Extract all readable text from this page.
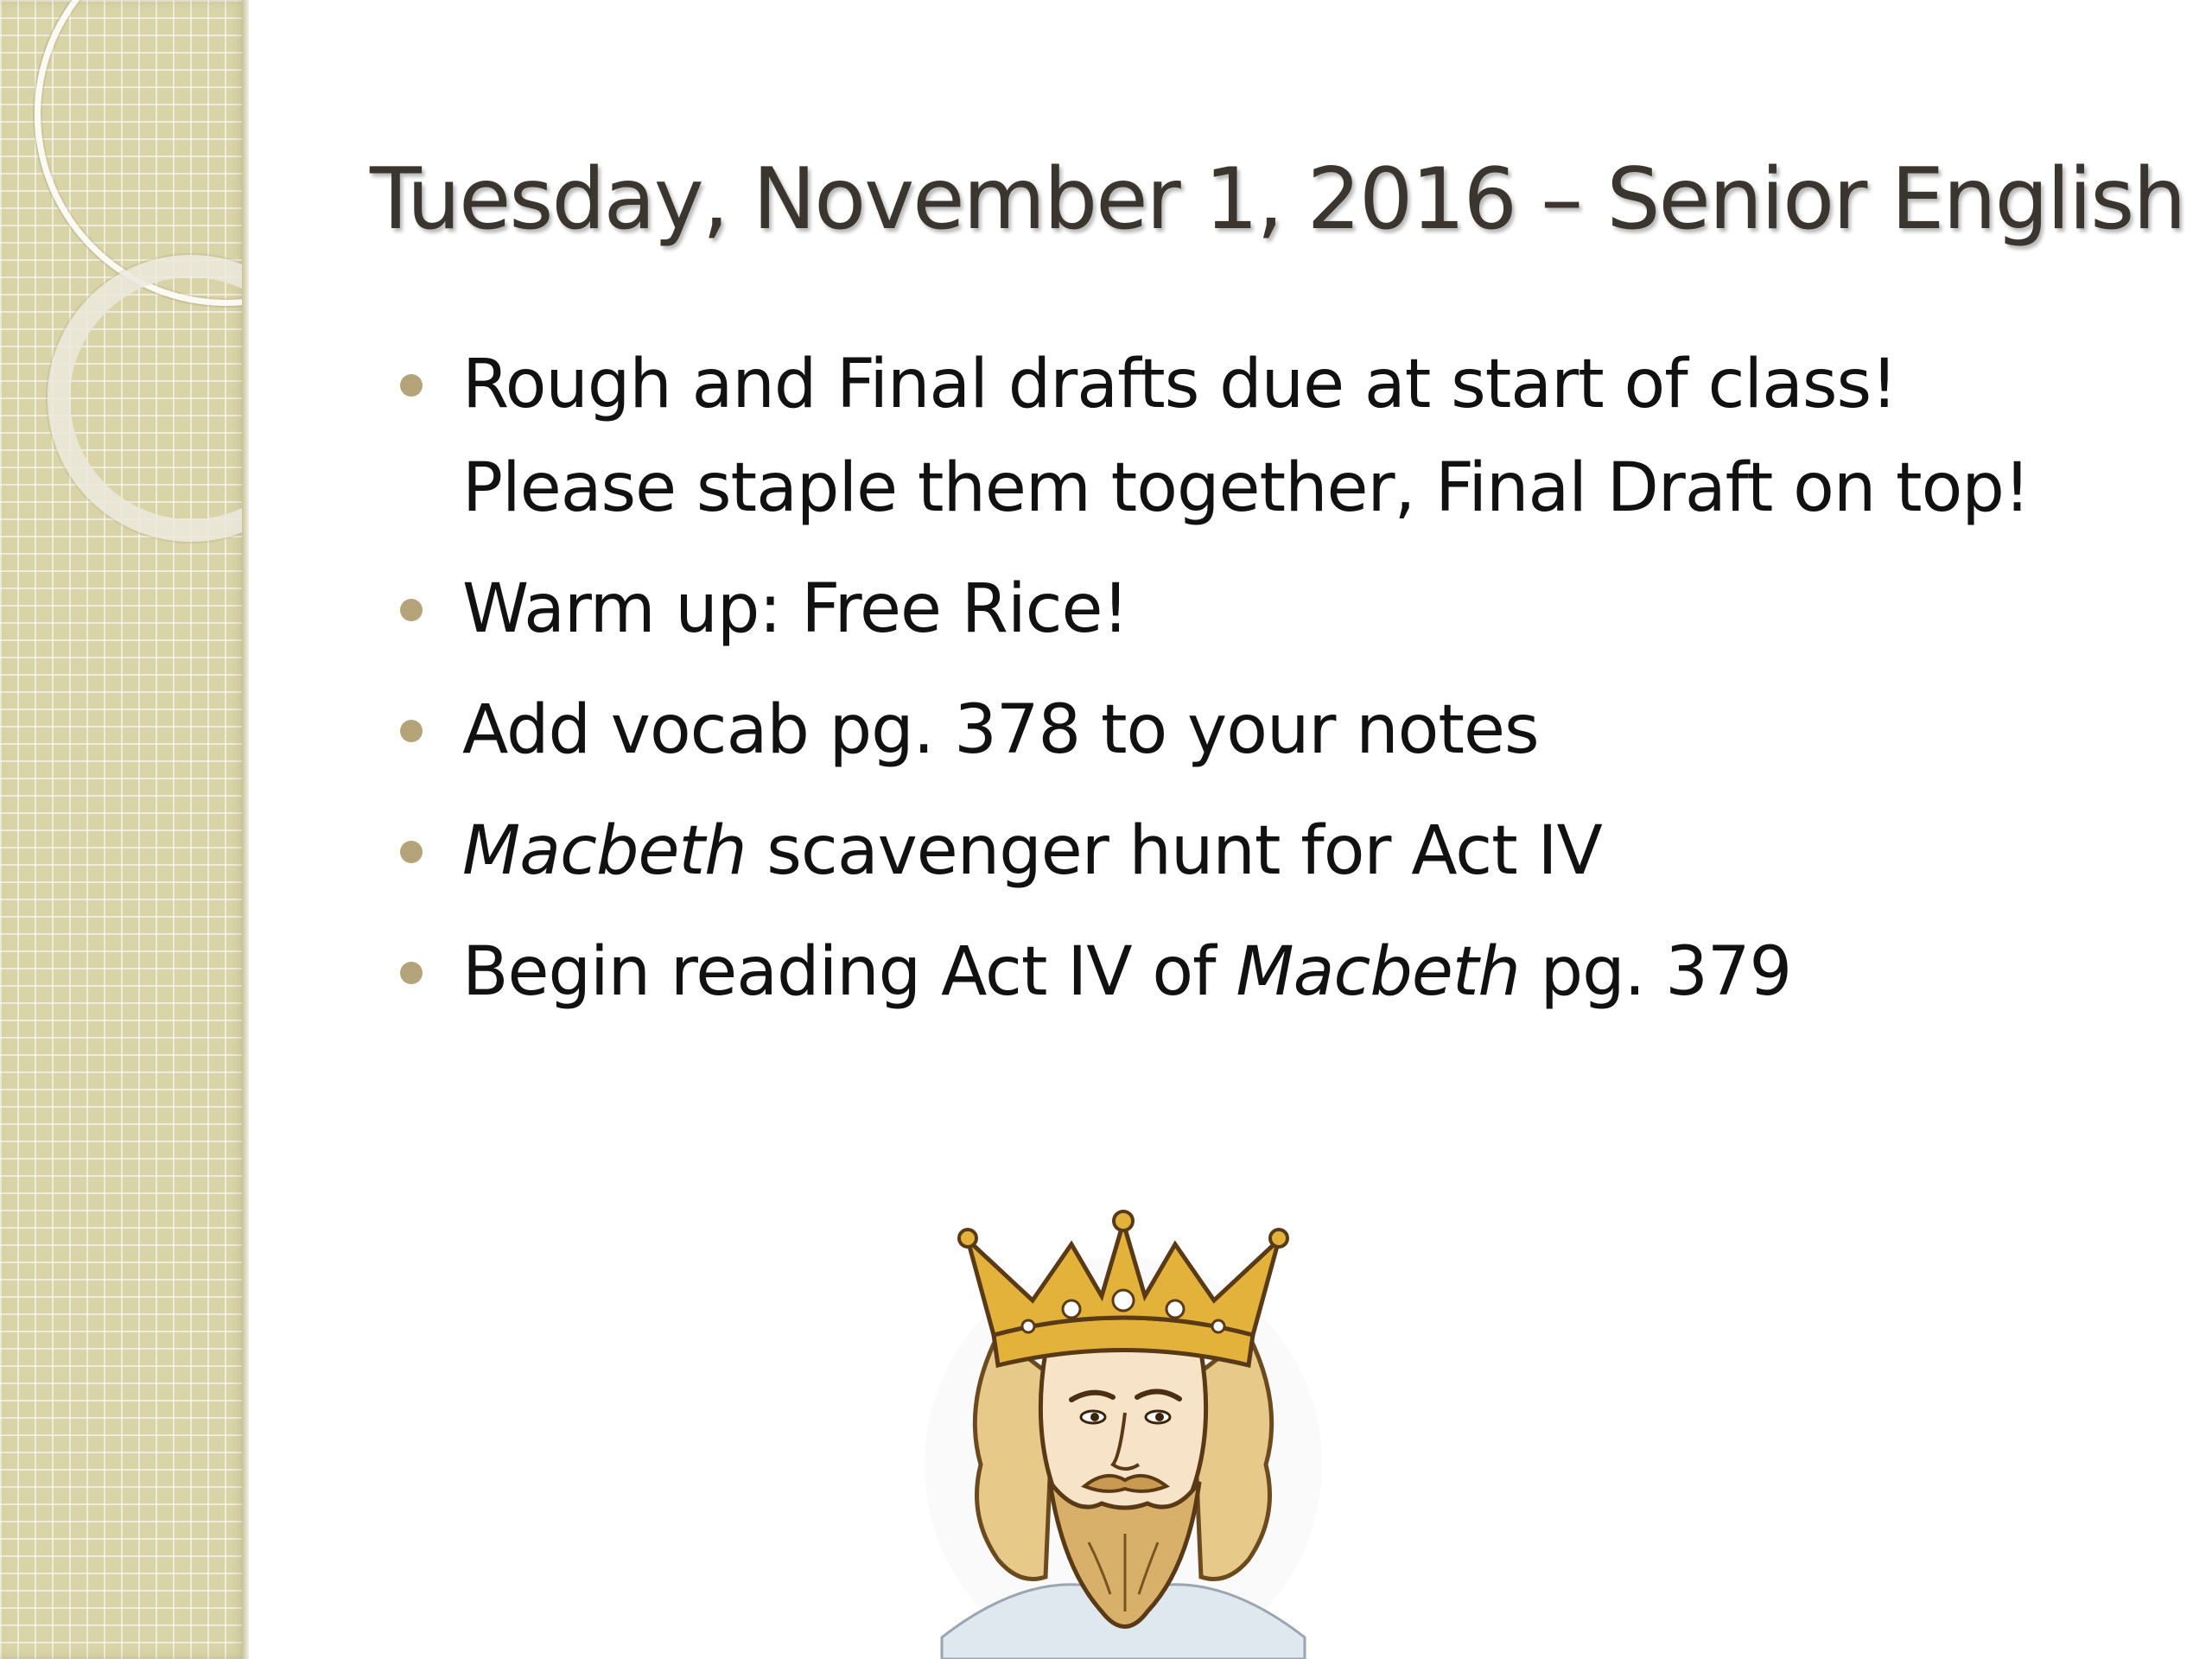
Tuesday, November 1, 2016 – Senior English
Rough and Final drafts due at start of class!
Please staple them together, Final Draft on top!
Warm up: Free Rice!
Add vocab pg. 378 to your notes
Macbeth scavenger hunt for Act IV
Begin reading Act IV of Macbeth pg. 379
